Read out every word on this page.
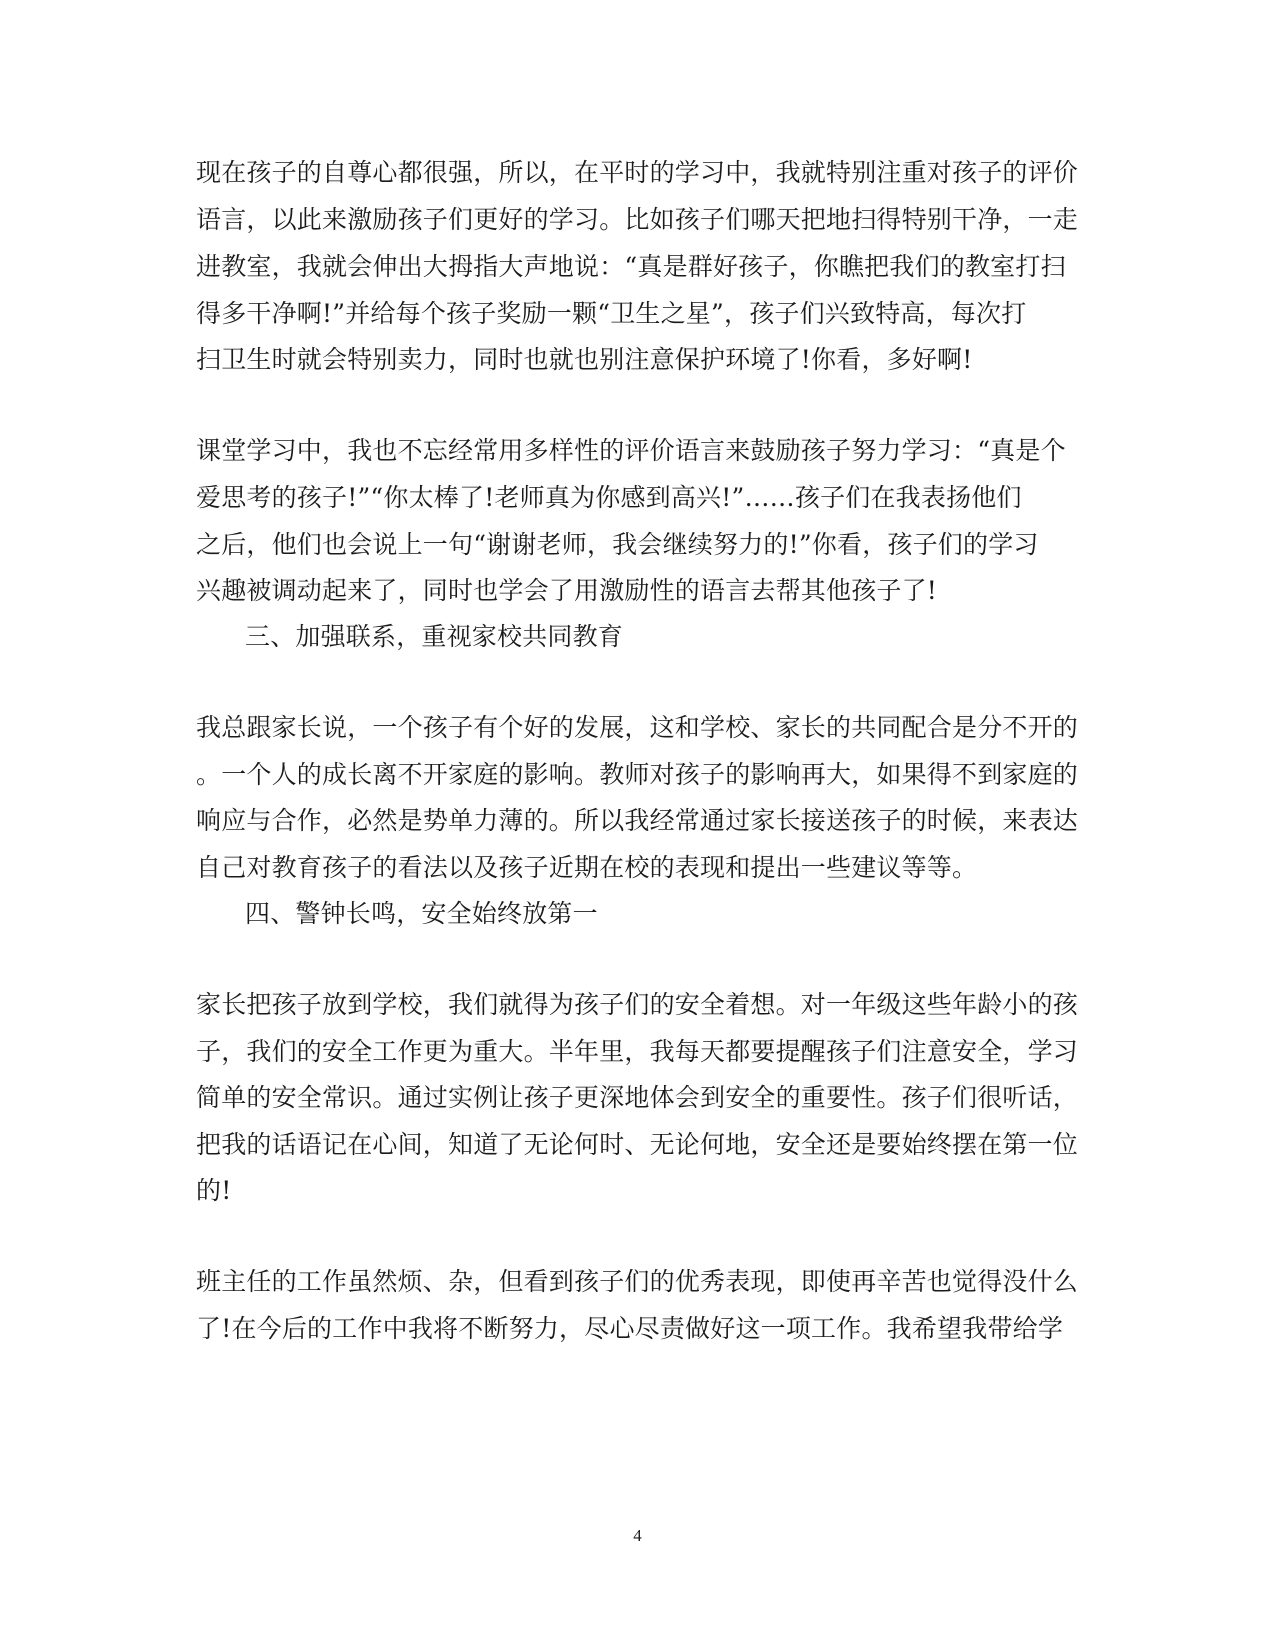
现在孩子的自尊心都很强，所以，在平时的学习中，我就特别注重对孩子的评价
语言，以此来激励孩子们更好的学习。比如孩子们哪天把地扫得特别干净，一走
进教室，我就会伸出大拇指大声地说：“真是群好孩子，你瞧把我们的教室打扫
得多干净啊!”并给每个孩子奖励一颗“卫生之星”，孩子们兴致特高，每次打
扫卫生时就会特别卖力，同时也就也别注意保护环境了!你看，多好啊!
课堂学习中，我也不忘经常用多样性的评价语言来鼓励孩子努力学习：“真是个
爱思考的孩子!”“你太棒了!老师真为你感到高兴!”……孩子们在我表扬他们
之后，他们也会说上一句“谢谢老师，我会继续努力的!”你看，孩子们的学习
兴趣被调动起来了，同时也学会了用激励性的语言去帮其他孩子了!
三、加强联系，重视家校共同教育
我总跟家长说，一个孩子有个好的发展，这和学校、家长的共同配合是分不开的
。一个人的成长离不开家庭的影响。教师对孩子的影响再大，如果得不到家庭的
响应与合作，必然是势单力薄的。所以我经常通过家长接送孩子的时候，来表达
自己对教育孩子的看法以及孩子近期在校的表现和提出一些建议等等。
四、警钟长鸣，安全始终放第一
家长把孩子放到学校，我们就得为孩子们的安全着想。对一年级这些年龄小的孩
子，我们的安全工作更为重大。半年里，我每天都要提醒孩子们注意安全，学习
简单的安全常识。通过实例让孩子更深地体会到安全的重要性。孩子们很听话，
把我的话语记在心间，知道了无论何时、无论何地，安全还是要始终摆在第一位
的!
班主任的工作虽然烦、杂，但看到孩子们的优秀表现，即使再辛苦也觉得没什么
了!在今后的工作中我将不断努力，尽心尽责做好这一项工作。我希望我带给学
4
